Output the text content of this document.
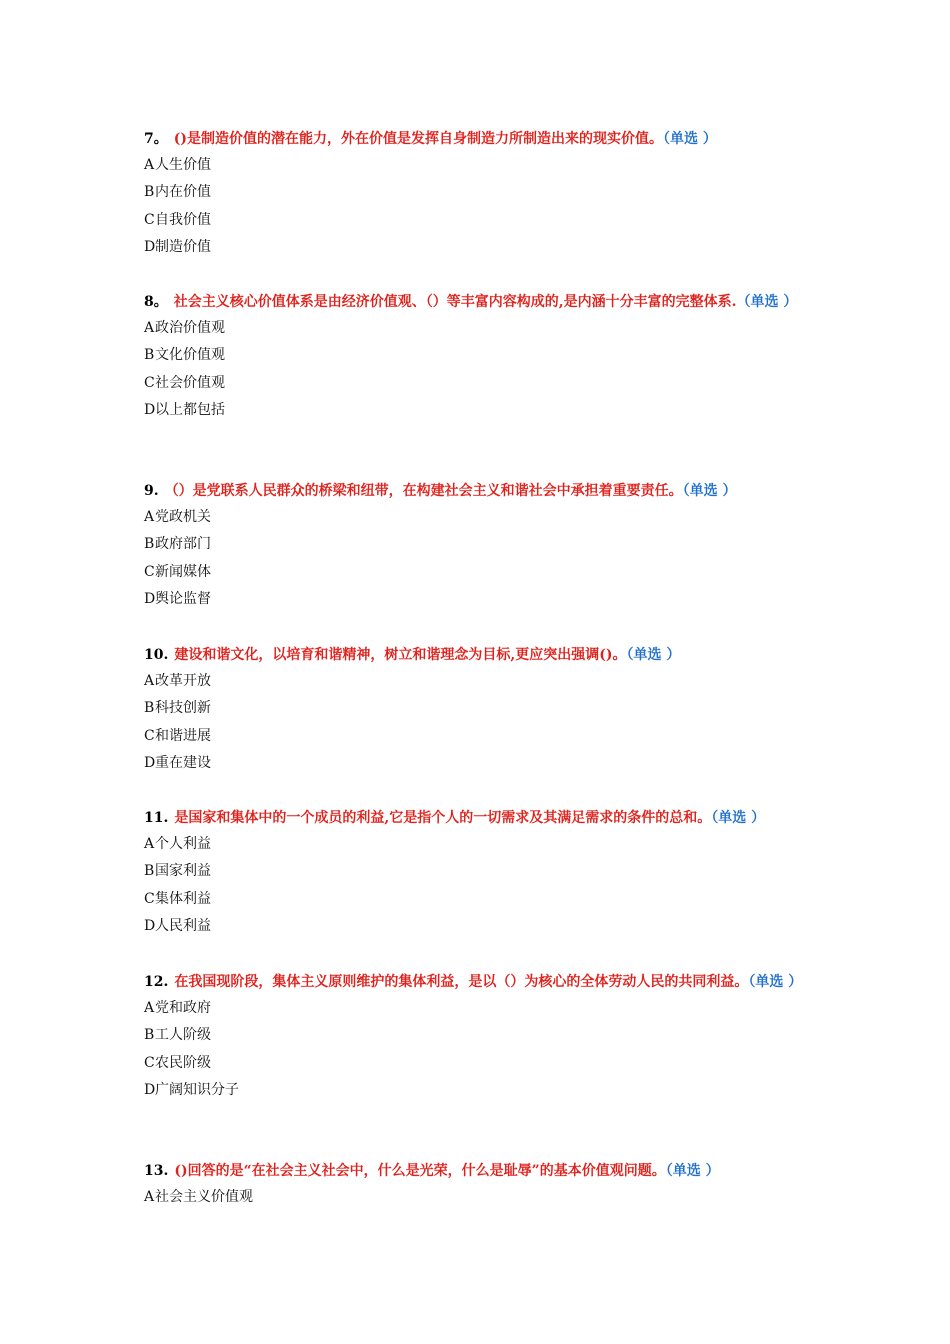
7。 ()是制造价值的潜在能力，外在价值是发挥自身制造力所制造出来的现实价值。（单选 ）

A人生价值

B内在价值

C自我价值

D制造价值

8。 社会主义核心价值体系是由经济价值观、（）等丰富内容构成的,是内涵十分丰富的完整体系.（单选 ）

A政治价值观

B文化价值观

C社会价值观

D以上都包括

9. （）是党联系人民群众的桥梁和纽带，在构建社会主义和谐社会中承担着重要责任。（单选 ）

A党政机关

B政府部门

C新闻媒体

D舆论监督

10. 建设和谐文化，以培育和谐精神，树立和谐理念为目标,更应突出强调()。（单选 ）

A改革开放

B科技创新

C和谐进展

D重在建设

11. 是国家和集体中的一个成员的利益,它是指个人的一切需求及其满足需求的条件的总和。（单选 ）

A个人利益

B国家利益

C集体利益

D人民利益

12. 在我国现阶段，集体主义原则维护的集体利益，是以（）为核心的全体劳动人民的共同利益。（单选 ）

A党和政府

B工人阶级

C农民阶级

D广阔知识分子

13. ()回答的是“在社会主义社会中，什么是光荣，什么是耻辱”的基本价值观问题。（单选 ）

A社会主义价值观
